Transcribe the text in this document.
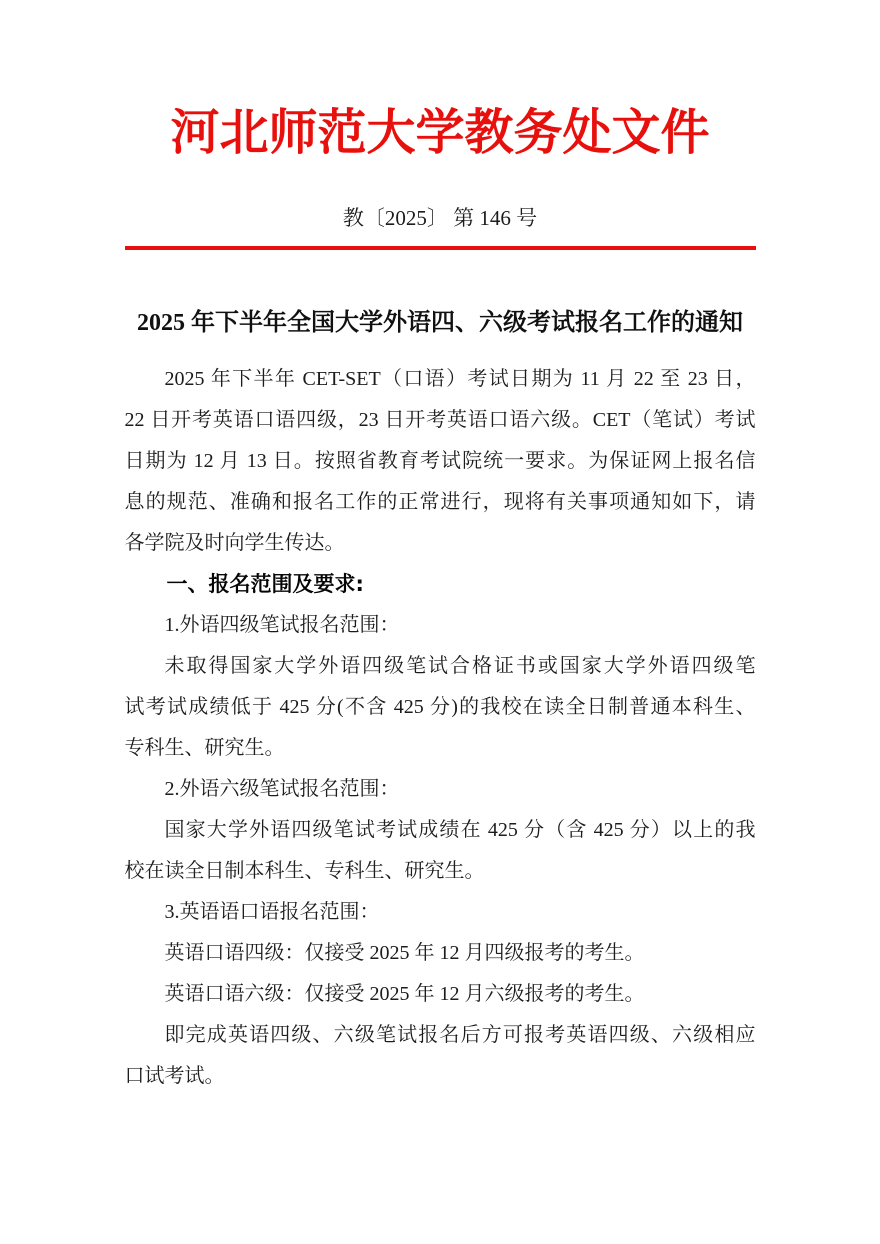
河北师范大学教务处文件
教〔2025〕 第 146 号
2025 年下半年全国大学外语四、六级考试报名工作的通知
2025 年下半年 CET-SET（口语）考试日期为 11 月 22 至 23 日，
22 日开考英语口语四级，23 日开考英语口语六级。CET（笔试）考试
日期为 12 月 13 日。按照省教育考试院统一要求。为保证网上报名信
息的规范、准确和报名工作的正常进行，现将有关事项通知如下，请
各学院及时向学生传达。
一、报名范围及要求:
1.外语四级笔试报名范围：
未取得国家大学外语四级笔试合格证书或国家大学外语四级笔
试考试成绩低于 425 分(不含 425 分)的我校在读全日制普通本科生、
专科生、研究生。
2.外语六级笔试报名范围：
国家大学外语四级笔试考试成绩在 425 分（含 425 分）以上的我
校在读全日制本科生、专科生、研究生。
3.英语语口语报名范围：
英语口语四级：仅接受 2025 年 12 月四级报考的考生。
英语口语六级：仅接受 2025 年 12 月六级报考的考生。
即完成英语四级、六级笔试报名后方可报考英语四级、六级相应
口试考试。
